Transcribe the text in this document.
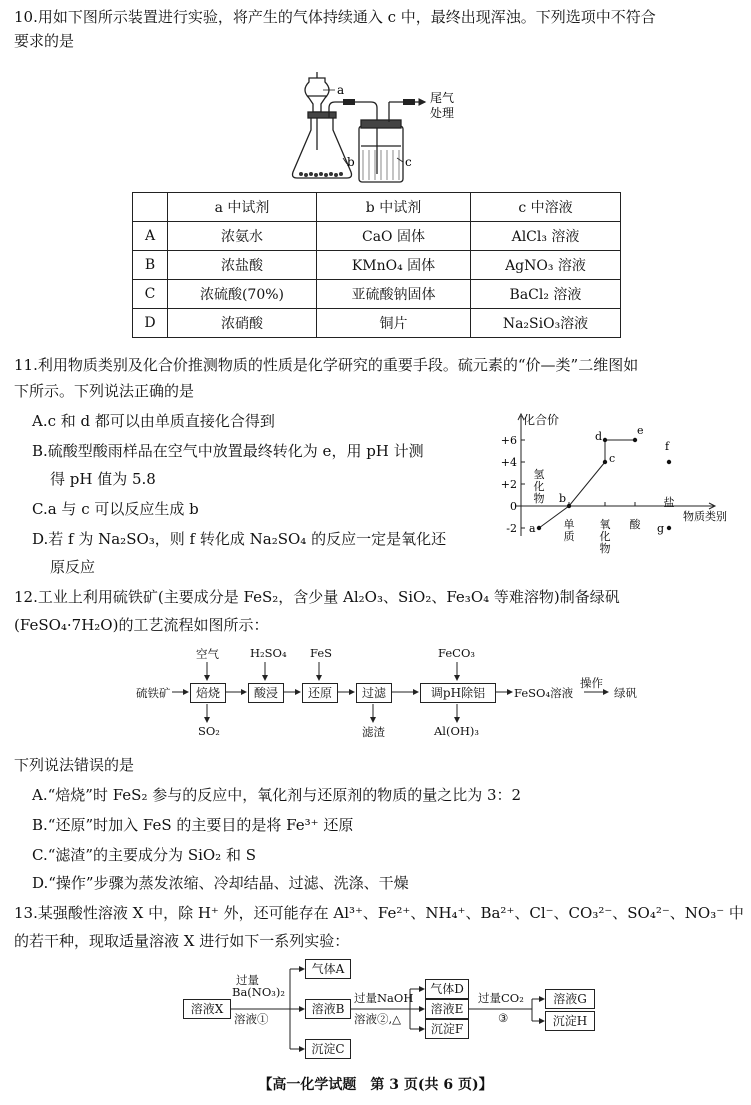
10.用如下图所示装置进行实验，将产生的气体持续通入 c 中，最终出现浑浊。下列选项中不符合
要求的是
a
b	c
尾气
处理
	a 中试剂	b 中试剂	c 中溶液
A	浓氨水	CaO 固体	AlCl₃ 溶液
B	浓盐酸	KMnO₄ 固体	AgNO₃ 溶液
C	浓硫酸(70%)	亚硫酸钠固体	BaCl₂ 溶液
D	浓硝酸	铜片	Na₂SiO₃溶液
11.利用物质类别及化合价推测物质的性质是化学研究的重要手段。硫元素的“价—类”二维图如
下所示。下列说法正确的是
A.c 和 d 都可以由单质直接化合得到
B.硫酸型酸雨样品在空气中放置最终转化为 e，用 pH 计测
得 pH 值为 5.8
C.a 与 c 可以反应生成 b
D.若 f 为 Na₂SO₃，则 f 转化成 Na₂SO₄ 的反应一定是氧化还
原反应
化合价
物质类别
+6
+4
+2
0
-2
氢化物
单质
氧化物
酸
盐
a
b
c
d	e
f
g
12.工业上利用硫铁矿(主要成分是 FeS₂，含少量 Al₂O₃、SiO₂、Fe₃O₄ 等难溶物)制备绿矾
(FeSO₄·7H₂O)的工艺流程如图所示：
硫铁矿	焙烧	酸浸	还原	过滤	调pH除铝
空气	H₂SO₄ FeS	FeCO₃
SO₂	滤渣	Al(OH)₃
FeSO₄溶液
操作
绿矾
下列说法错误的是
A.“焙烧”时 FeS₂ 参与的反应中，氧化剂与还原剂的物质的量之比为 3：2
B.“还原”时加入 FeS 的主要目的是将 Fe³⁺ 还原
C.“滤渣”的主要成分为 SiO₂ 和 S
D.“操作”步骤为蒸发浓缩、冷却结晶、过滤、洗涤、干燥
13.某强酸性溶液 X 中，除 H⁺ 外，还可能存在 Al³⁺、Fe²⁺、NH₄⁺、Ba²⁺、Cl⁻、CO₃²⁻、SO₄²⁻、NO₃⁻ 中
的若干种，现取适量溶液 X 进行如下一系列实验：
溶液X
过量
Ba(NO₃)₂
溶液①
气体A
溶液B
沉淀C
过量NaOH
溶液②,△
气体D
溶液E
沉淀F
过量CO₂
③
溶液G
沉淀H
【高一化学试题　第 3 页(共 6 页)】
